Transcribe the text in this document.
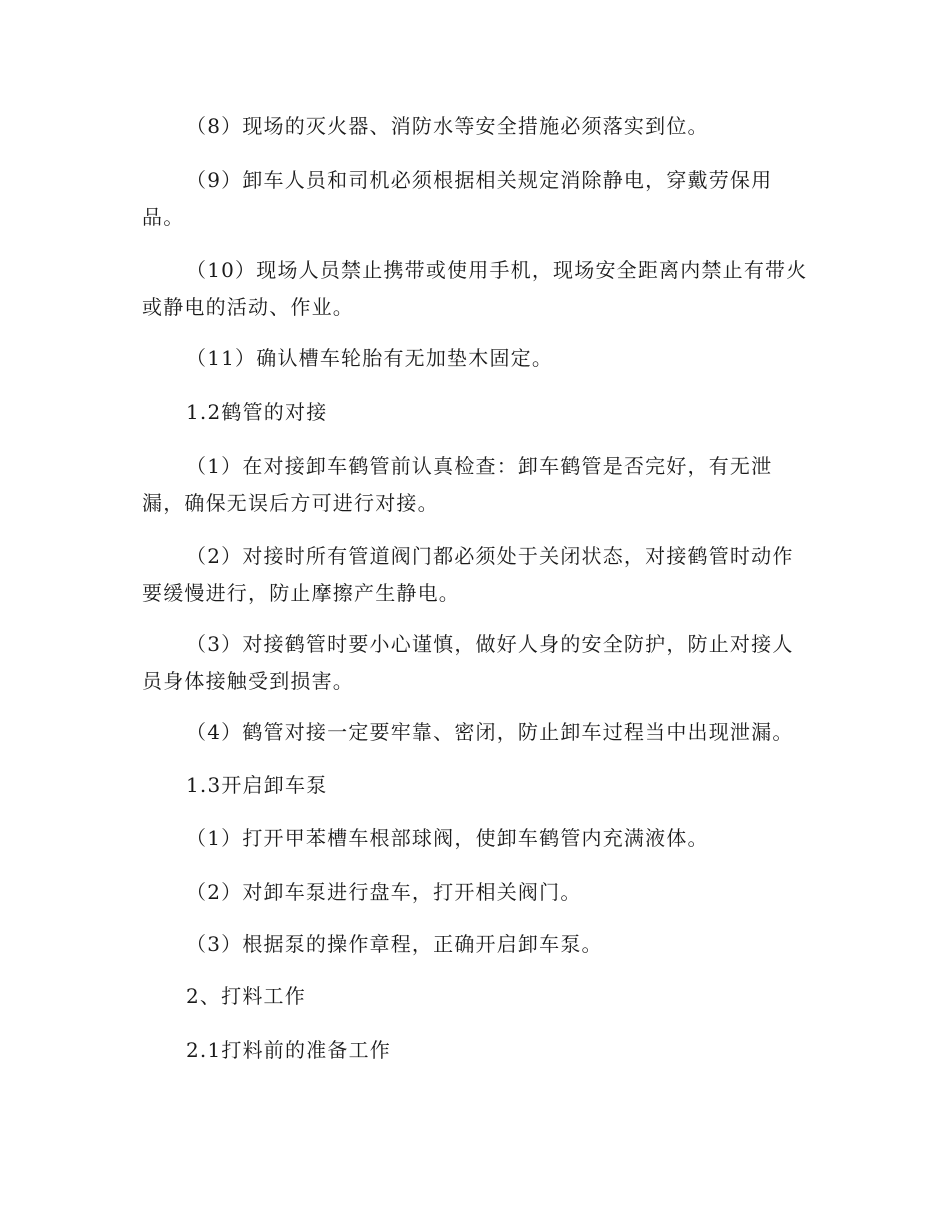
（8）现场的灭火器、消防水等安全措施必须落实到位。

（9）卸车人员和司机必须根据相关规定消除静电，穿戴劳保用品。

（10）现场人员禁止携带或使用手机，现场安全距离内禁止有带火或静电的活动、作业。

（11）确认槽车轮胎有无加垫木固定。

1.2鹤管的对接

（1）在对接卸车鹤管前认真检查：卸车鹤管是否完好，有无泄漏，确保无误后方可进行对接。

（2）对接时所有管道阀门都必须处于关闭状态，对接鹤管时动作要缓慢进行，防止摩擦产生静电。

（3）对接鹤管时要小心谨慎，做好人身的安全防护，防止对接人员身体接触受到损害。

（4）鹤管对接一定要牢靠、密闭，防止卸车过程当中出现泄漏。

1.3开启卸车泵

（1）打开甲苯槽车根部球阀，使卸车鹤管内充满液体。

（2）对卸车泵进行盘车，打开相关阀门。

（3）根据泵的操作章程，正确开启卸车泵。

2、打料工作

2.1打料前的准备工作
